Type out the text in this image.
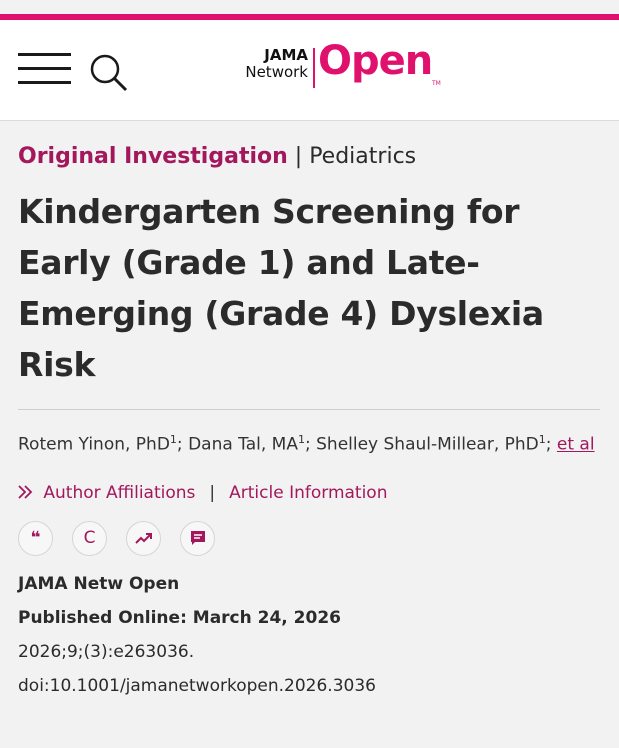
JAMA
Network Open TM
Original Investigation | Pediatrics
Kindergarten Screening for Early (Grade 1) and Late-Emerging (Grade 4) Dyslexia Risk
Rotem Yinon, PhD$^1$; Dana Tal, $MA^1$; Shelley Shaul-Millear, PhD$^1$; et al
Author Affiliations | Article Information
❝	C
JAMA Netw Open
Published Online: March 24, 2026
2026;9;(3):e263036.
doi:10.1001/jamanetworkopen.2026.3036
